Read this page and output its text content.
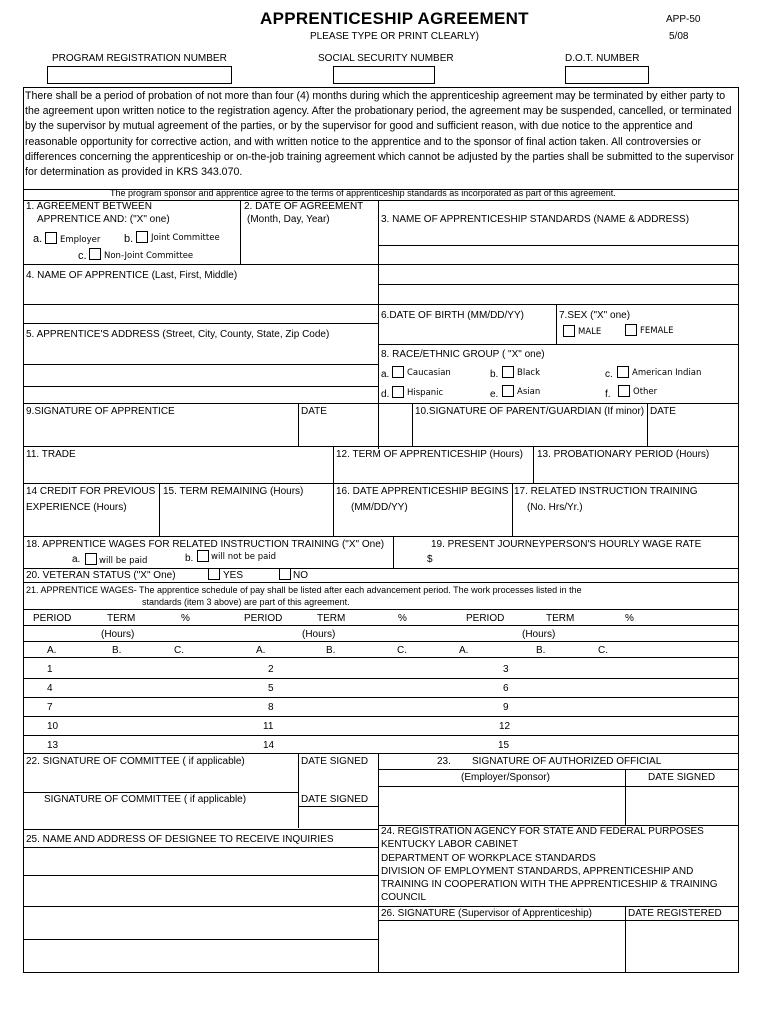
APPRENTICESHIP AGREEMENT
PLEASE TYPE OR PRINT CLEARLY)
APP-50
5/08
PROGRAM REGISTRATION NUMBER	SOCIAL SECURITY NUMBER	D.O.T. NUMBER
There shall be a period of probation of not more than four (4) months during which the apprenticeship agreement may be terminated by either party to the agreement upon written notice to the registration agency. After the probationary period, the agreement may be suspended, cancelled, or terminated by the supervisor by mutual agreement of the parties, or by the supervisor for good and sufficient reason, with due notice to the apprentice and reasonable opportunity for corrective action, and with written notice to the apprentice and to the sponsor of final action taken. All controversies or differences concerning the apprenticeship or on-the-job training agreement which cannot be adjusted by the parties shall be submitted to the supervisor for determination as provided in KRS 343.070.
The program sponsor and apprentice agree to the terms of apprenticeship standards as incorporated as part of this agreement.
1. AGREEMENT BETWEEN
APPRENTICE AND: ("X" one)
a. Employer b. Joint Committee
c. Non-Joint Committee
2. DATE OF AGREEMENT
(Month, Day, Year)	3. NAME OF APPRENTICESHIP STANDARDS (NAME & ADDRESS)
4. NAME OF APPRENTICE (Last, First, Middle)
5. APPRENTICE'S ADDRESS (Street, City, County, State, Zip Code)
6.DATE OF BIRTH (MM/DD/YY)	7.SEX ("X" one)
MALE	FEMALE
8. RACE/ETHNIC GROUP ( "X" one)
a. Caucasian	b. Black	c. American Indian
d. Hispanic	e. Asian	f.	Other
9.SIGNATURE OF APPRENTICE	DATE	10.SIGNATURE OF PARENT/GUARDIAN (If minor) DATE
11. TRADE	12. TERM OF APPRENTICESHIP (Hours) 13. PROBATIONARY PERIOD (Hours)
14 CREDIT FOR PREVIOUS
EXPERIENCE (Hours)
15. TERM REMAINING (Hours)	16. DATE APPRENTICESHIP BEGINS
(MM/DD/YY)
17. RELATED INSTRUCTION TRAINING
(No. Hrs/Yr.)
18. APPRENTICE WAGES FOR RELATED INSTRUCTION TRAINING ("X" One)
a. will be paid	b. will not be paid
19. PRESENT JOURNEYPERSON'S HOURLY WAGE RATE
$
20. VETERAN STATUS ("X" One)	YES	NO
21. APPRENTICE WAGES- The apprentice schedule of pay shall be listed after each advancement period. The work processes listed in the
standards (item 3 above) are part of this agreement.
PERIOD	TERM	%	PERIOD	TERM	%	PERIOD	TERM	%
(Hours)	(Hours)	(Hours)
A.	B.	C.	A.	B.	C.	A.	B.	C.
1	2	3
4	5	6
7	8	9
10	11	12
13	14	15
22. SIGNATURE OF COMMITTEE ( if applicable)	DATE SIGNED	23. SIGNATURE OF AUTHORIZED OFFICIAL
(Employer/Sponsor)	DATE SIGNED
SIGNATURE OF COMMITTEE ( if applicable)	DATE SIGNED
25. NAME AND ADDRESS OF DESIGNEE TO RECEIVE INQUIRIES
24. REGISTRATION AGENCY FOR STATE AND FEDERAL PURPOSES
KENTUCKY LABOR CABINET
DEPARTMENT OF WORKPLACE STANDARDS
DIVISION OF EMPLOYMENT STANDARDS, APPRENTICESHIP AND
TRAINING IN COOPERATION WITH THE APPRENTICESHIP & TRAINING
COUNCIL
26. SIGNATURE (Supervisor of Apprenticeship)	DATE REGISTERED
